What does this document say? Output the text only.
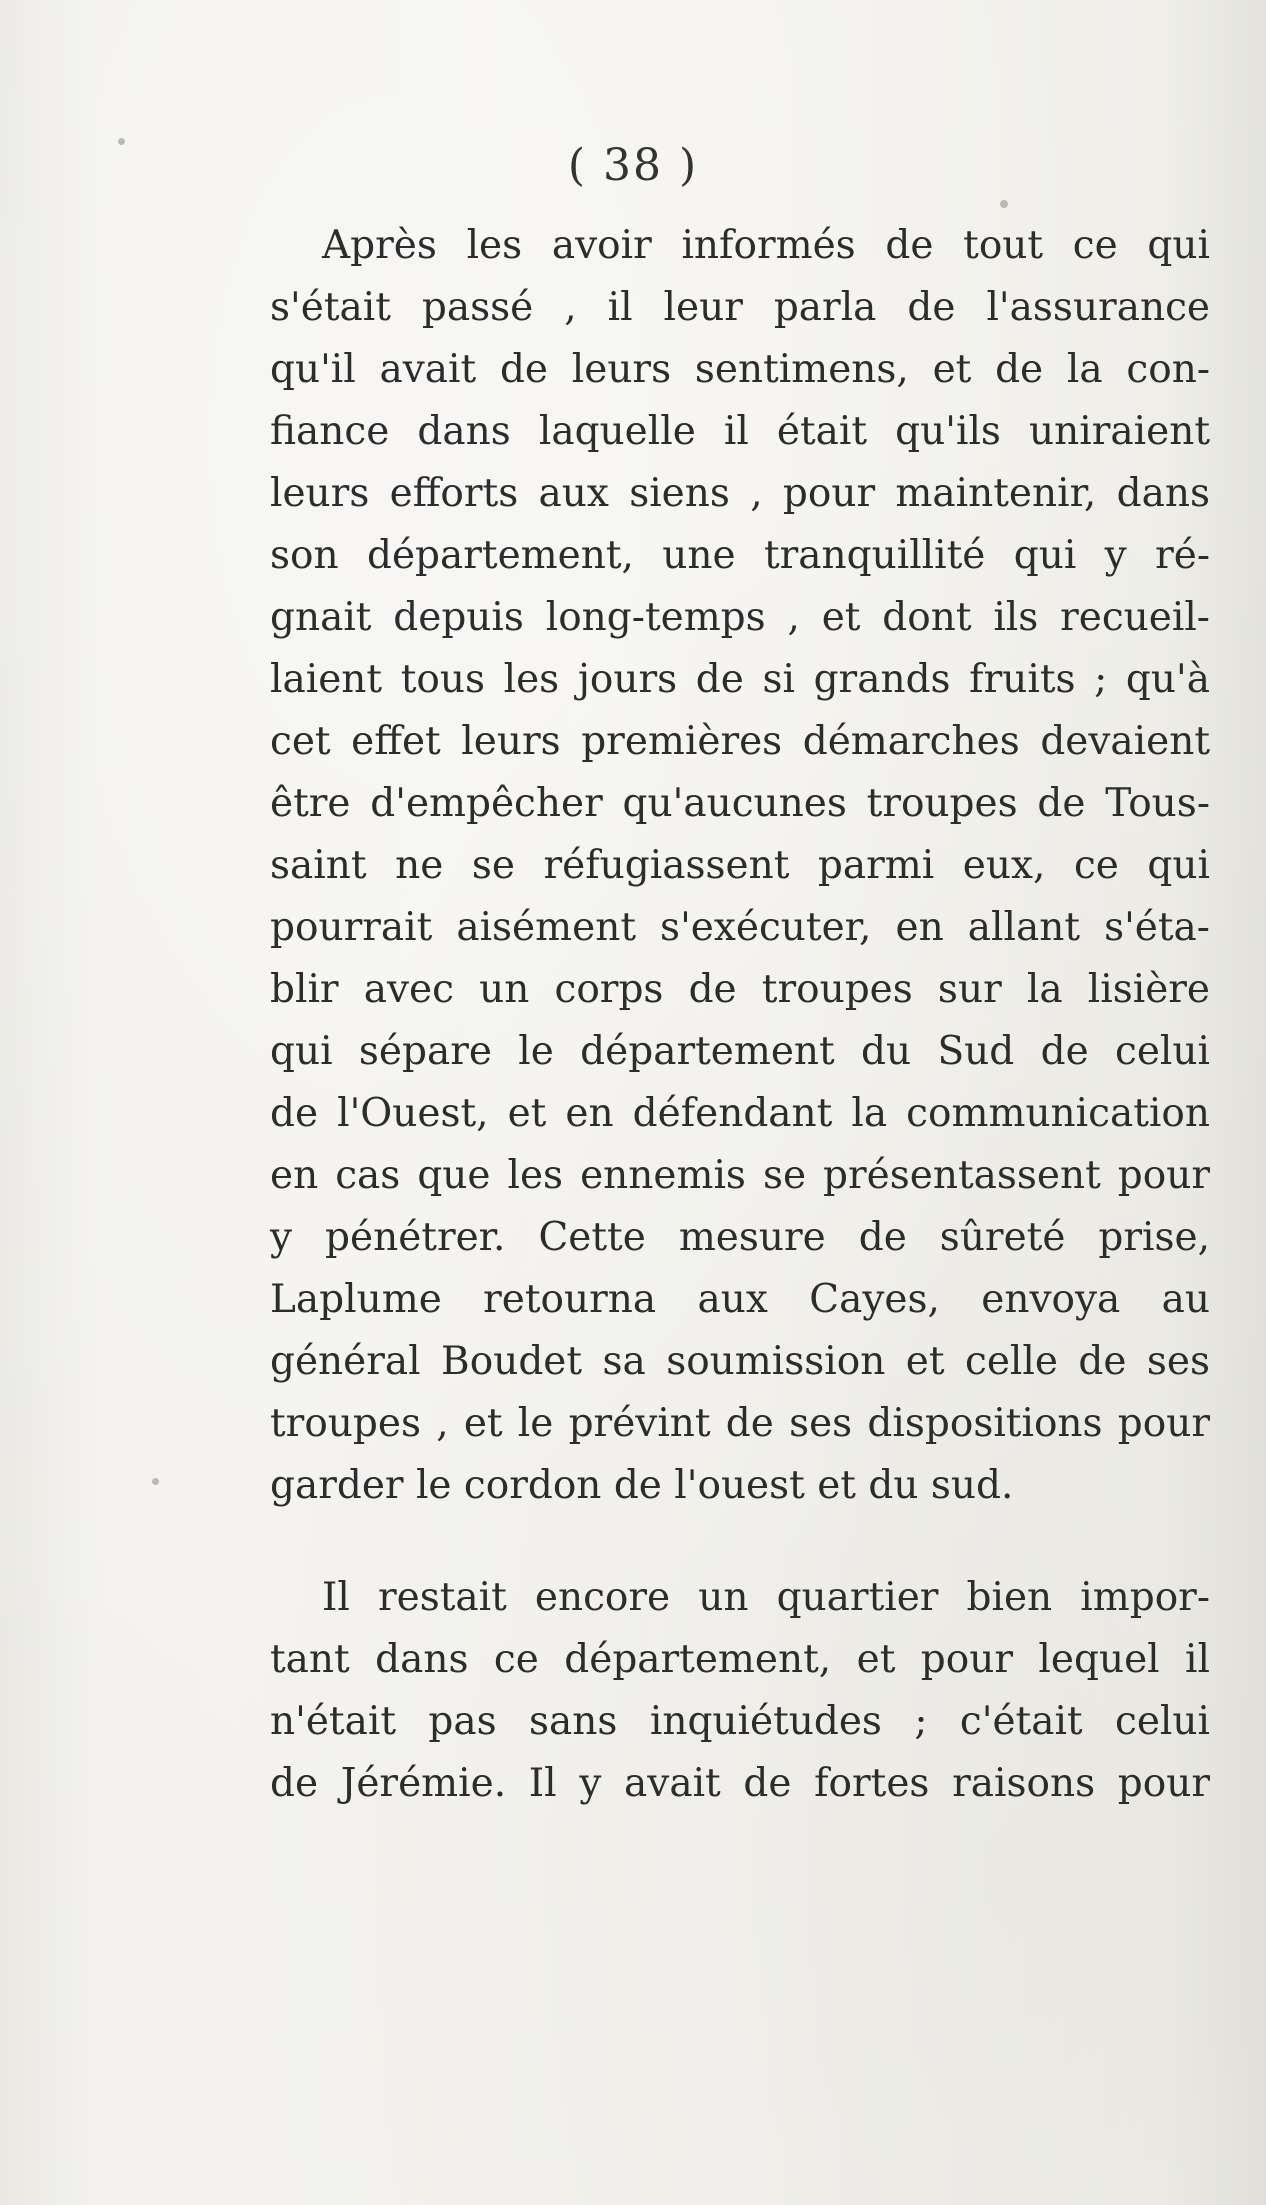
( 38 )
Après les avoir informés de tout ce qui
s'était passé , il leur parla de l'assurance
qu'il avait de leurs sentimens, et de la con-
fiance dans laquelle il était qu'ils uniraient
leurs efforts aux siens , pour maintenir, dans
son département, une tranquillité qui y ré-
gnait depuis long-temps , et dont ils recueil-
laient tous les jours de si grands fruits ; qu'à
cet effet leurs premières démarches devaient
être d'empêcher qu'aucunes troupes de Tous-
saint ne se réfugiassent parmi eux, ce qui
pourrait aisément s'exécuter, en allant s'éta-
blir avec un corps de troupes sur la lisière
qui sépare le département du Sud de celui
de l'Ouest, et en défendant la communication
en cas que les ennemis se présentassent pour
y pénétrer. Cette mesure de sûreté prise,
Laplume retourna aux Cayes, envoya au
général Boudet sa soumission et celle de ses
troupes , et le prévint de ses dispositions pour
garder le cordon de l'ouest et du sud.
Il restait encore un quartier bien impor-
tant dans ce département, et pour lequel il
n'était pas sans inquiétudes ; c'était celui
de Jérémie. Il y avait de fortes raisons pour
